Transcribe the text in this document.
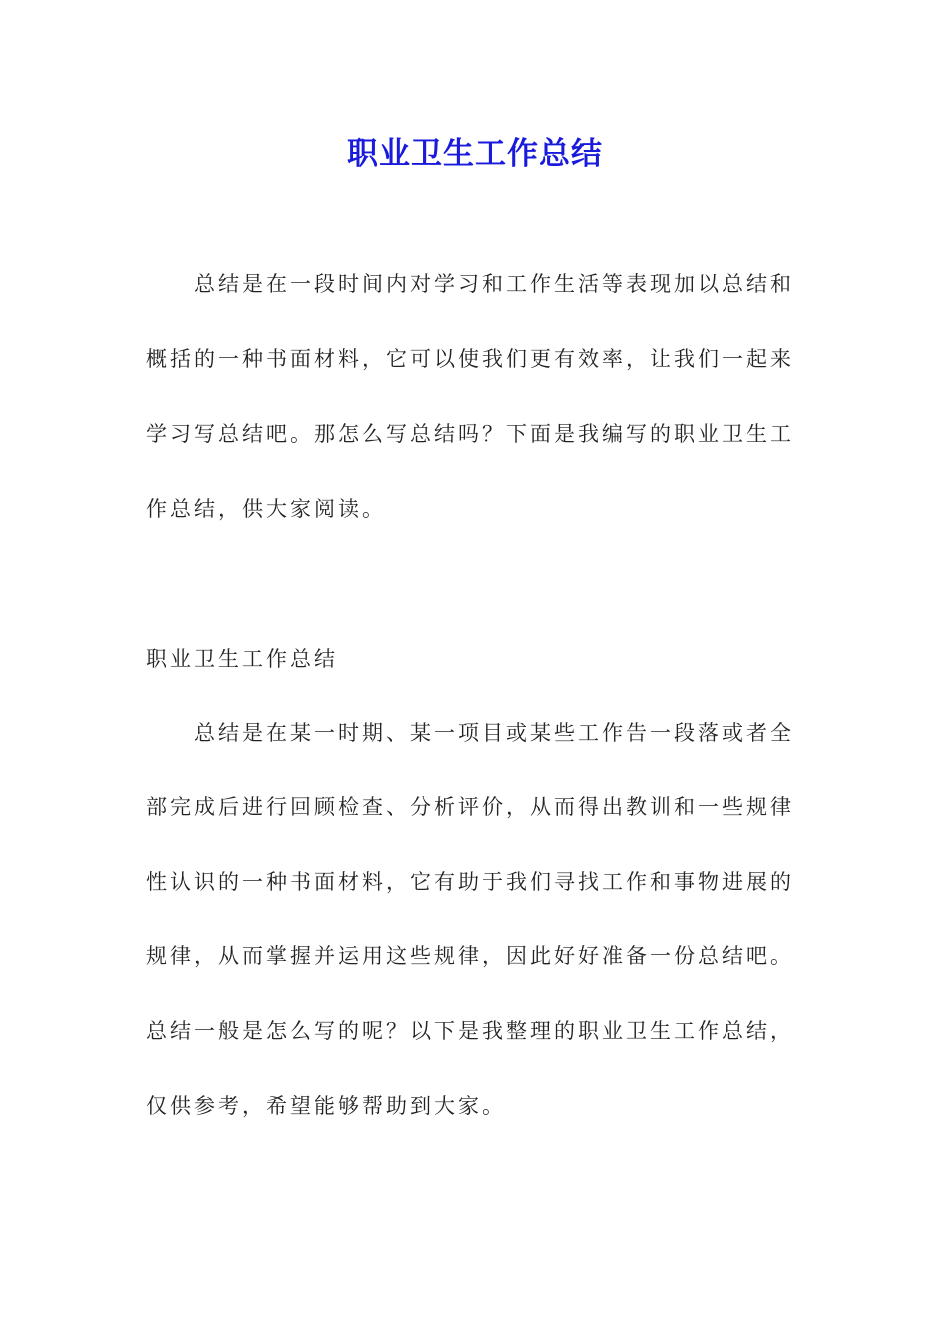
职业卫生工作总结

总结是在一段时间内对学习和工作生活等表现加以总结和

概括的一种书面材料，它可以使我们更有效率，让我们一起来

学习写总结吧。那怎么写总结吗？下面是我编写的职业卫生工

作总结，供大家阅读。

职业卫生工作总结

总结是在某一时期、某一项目或某些工作告一段落或者全

部完成后进行回顾检查、分析评价，从而得出教训和一些规律

性认识的一种书面材料，它有助于我们寻找工作和事物进展的

规律，从而掌握并运用这些规律，因此好好准备一份总结吧。

总结一般是怎么写的呢？以下是我整理的职业卫生工作总结，

仅供参考，希望能够帮助到大家。
